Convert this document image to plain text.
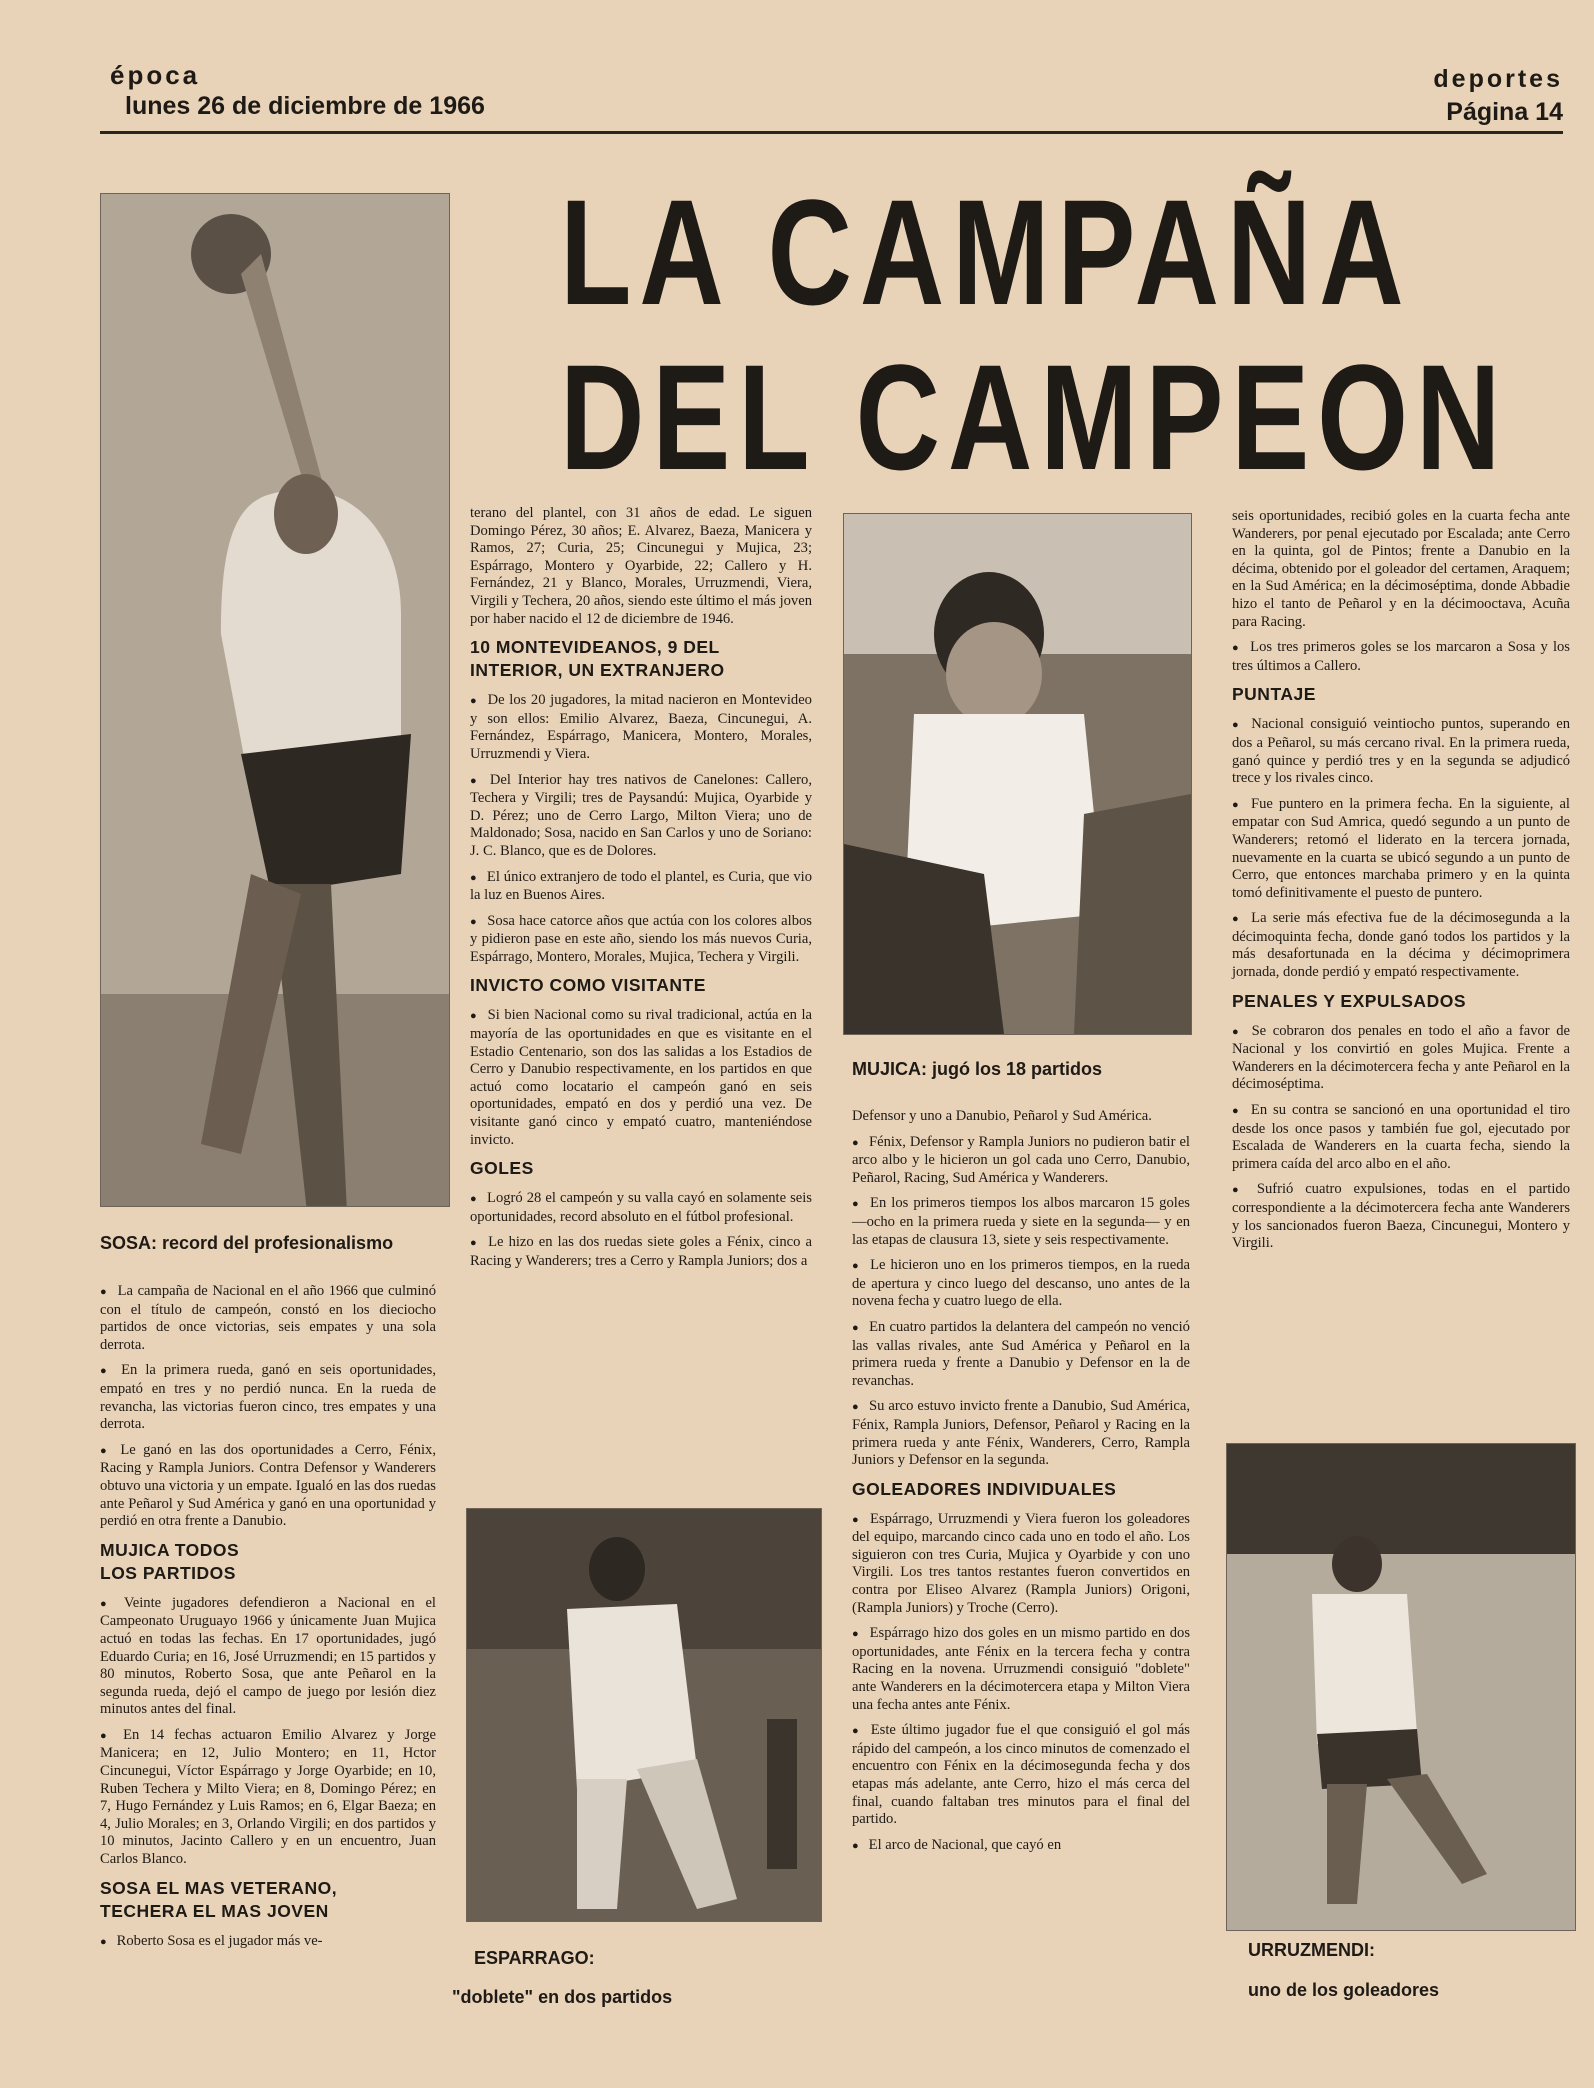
época
lunes 26 de diciembre de 1966
deportes
Página 14
LA CAMPAÑA
DEL CAMPEON
SOSA: record del profesionalismo

● La campaña de Nacional en el año 1966 que culminó con el título de campeón, constó en los dieciocho partidos de once victorias, seis empates y una sola derrota.

● En la primera rueda, ganó en seis oportunidades, empató en tres y no perdió nunca. En la rueda de revancha, las victorias fueron cinco, tres empates y una derrota.

● Le ganó en las dos oportunidades a Cerro, Fénix, Racing y Rampla Juniors. Contra Defensor y Wanderers obtuvo una victoria y un empate. Igualó en las dos ruedas ante Peñarol y Sud América y ganó en una oportunidad y perdió en otra frente a Danubio.

MUJICA TODOS
LOS PARTIDOS

● Veinte jugadores defendieron a Nacional en el Campeonato Uruguayo 1966 y únicamente Juan Mujica actuó en todas las fechas. En 17 oportunidades, jugó Eduardo Curia; en 16, José Urruzmendi; en 15 partidos y 80 minutos, Roberto Sosa, que ante Peñarol en la segunda rueda, dejó el campo de juego por lesión diez minutos antes del final.

● En 14 fechas actuaron Emilio Alvarez y Jorge Manicera; en 12, Julio Montero; en 11, Hctor Cincunegui, Víctor Espárrago y Jorge Oyarbide; en 10, Ruben Techera y Milto Viera; en 8, Domingo Pérez; en 7, Hugo Fernández y Luis Ramos; en 6, Elgar Baeza; en 4, Julio Morales; en 3, Orlando Virgili; en dos partidos y 10 minutos, Jacinto Callero y en un encuentro, Juan Carlos Blanco.

SOSA EL MAS VETERANO,
TECHERA EL MAS JOVEN

● Roberto Sosa es el jugador más ve-

terano del plantel, con 31 años de edad. Le siguen Domingo Pérez, 30 años; E. Alvarez, Baeza, Manicera y Ramos, 27; Curia, 25; Cincunegui y Mujica, 23; Espárrago, Montero y Oyarbide, 22; Callero y H. Fernández, 21 y Blanco, Morales, Urruzmendi, Viera, Virgili y Techera, 20 años, siendo este último el más joven por haber nacido el 12 de diciembre de 1946.

10 MONTEVIDEANOS, 9 DEL
INTERIOR, UN EXTRANJERO

● De los 20 jugadores, la mitad nacieron en Montevideo y son ellos: Emilio Alvarez, Baeza, Cincunegui, A. Fernández, Espárrago, Manicera, Montero, Morales, Urruzmendi y Viera.

● Del Interior hay tres nativos de Canelones: Callero, Techera y Virgili; tres de Paysandú: Mujica, Oyarbide y D. Pérez; uno de Cerro Largo, Milton Viera; uno de Maldonado; Sosa, nacido en San Carlos y uno de Soriano: J. C. Blanco, que es de Dolores.

● El único extranjero de todo el plantel, es Curia, que vio la luz en Buenos Aires.

● Sosa hace catorce años que actúa con los colores albos y pidieron pase en este año, siendo los más nuevos Curia, Espárrago, Montero, Morales, Mujica, Techera y Virgili.

INVICTO COMO VISITANTE

● Si bien Nacional como su rival tradicional, actúa en la mayoría de las oportunidades en que es visitante en el Estadio Centenario, son dos las salidas a los Estadios de Cerro y Danubio respectivamente, en los partidos en que actuó como locatario el campeón ganó en seis oportunidades, empató en dos y perdió una vez. De visitante ganó cinco y empató cuatro, manteniéndose invicto.

GOLES

● Logró 28 el campeón y su valla cayó en solamente seis oportunidades, record absoluto en el fútbol profesional.

● Le hizo en las dos ruedas siete goles a Fénix, cinco a Racing y Wanderers; tres a Cerro y Rampla Juniors; dos a

MUJICA: jugó los 18 partidos

Defensor y uno a Danubio, Peñarol y Sud América.

● Fénix, Defensor y Rampla Juniors no pudieron batir el arco albo y le hicieron un gol cada uno Cerro, Danubio, Peñarol, Racing, Sud América y Wanderers.

● En los primeros tiempos los albos marcaron 15 goles —ocho en la primera rueda y siete en la segunda— y en las etapas de clausura 13, siete y seis respectivamente.

● Le hicieron uno en los primeros tiempos, en la rueda de apertura y cinco luego del descanso, uno antes de la novena fecha y cuatro luego de ella.

● En cuatro partidos la delantera del campeón no venció las vallas rivales, ante Sud América y Peñarol en la primera rueda y frente a Danubio y Defensor en la de revanchas.

● Su arco estuvo invicto frente a Danubio, Sud América, Fénix, Rampla Juniors, Defensor, Peñarol y Racing en la primera rueda y ante Fénix, Wanderers, Cerro, Rampla Juniors y Defensor en la segunda.

GOLEADORES INDIVIDUALES

● Espárrago, Urruzmendi y Viera fueron los goleadores del equipo, marcando cinco cada uno en todo el año. Los siguieron con tres Curia, Mujica y Oyarbide y con uno Virgili. Los tres tantos restantes fueron convertidos en contra por Eliseo Alvarez (Rampla Juniors) Origoni, (Rampla Juniors) y Troche (Cerro).

● Espárrago hizo dos goles en un mismo partido en dos oportunidades, ante Fénix en la tercera fecha y contra Racing en la novena. Urruzmendi consiguió "doblete" ante Wanderers en la décimotercera etapa y Milton Viera una fecha antes ante Fénix.

● Este último jugador fue el que consiguió el gol más rápido del campeón, a los cinco minutos de comenzado el encuentro con Fénix en la décimosegunda fecha y dos etapas más adelante, ante Cerro, hizo el más cerca del final, cuando faltaban tres minutos para el final del partido.

● El arco de Nacional, que cayó en

seis oportunidades, recibió goles en la cuarta fecha ante Wanderers, por penal ejecutado por Escalada; ante Cerro en la quinta, gol de Pintos; frente a Danubio en la décima, obtenido por el goleador del certamen, Araquem; en la Sud América; en la décimoséptima, donde Abbadie hizo el tanto de Peñarol y en la décimooctava, Acuña para Racing.

● Los tres primeros goles se los marcaron a Sosa y los tres últimos a Callero.

PUNTAJE

● Nacional consiguió veintiocho puntos, superando en dos a Peñarol, su más cercano rival. En la primera rueda, ganó quince y perdió tres y en la segunda se adjudicó trece y los rivales cinco.

● Fue puntero en la primera fecha. En la siguiente, al empatar con Sud Amrica, quedó segundo a un punto de Wanderers; retomó el liderato en la tercera jornada, nuevamente en la cuarta se ubicó segundo a un punto de Cerro, que entonces marchaba primero y en la quinta tomó definitivamente el puesto de puntero.

● La serie más efectiva fue de la décimosegunda a la décimoquinta fecha, donde ganó todos los partidos y la más desafortunada en la décima y décimoprimera jornada, donde perdió y empató respectivamente.

PENALES Y EXPULSADOS

● Se cobraron dos penales en todo el año a favor de Nacional y los convirtió en goles Mujica. Frente a Wanderers en la décimotercera fecha y ante Peñarol en la décimoséptima.

● En su contra se sancionó en una oportunidad el tiro desde los once pasos y también fue gol, ejecutado por Escalada de Wanderers en la cuarta fecha, siendo la primera caída del arco albo en el año.

● Sufrió cuatro expulsiones, todas en el partido correspondiente a la décimotercera fecha ante Wanderers y los sancionados fueron Baeza, Cincunegui, Montero y Virgili.

ESPARRAGO:
"doblete" en dos partidos
URRUZMENDI:
uno de los goleadores
